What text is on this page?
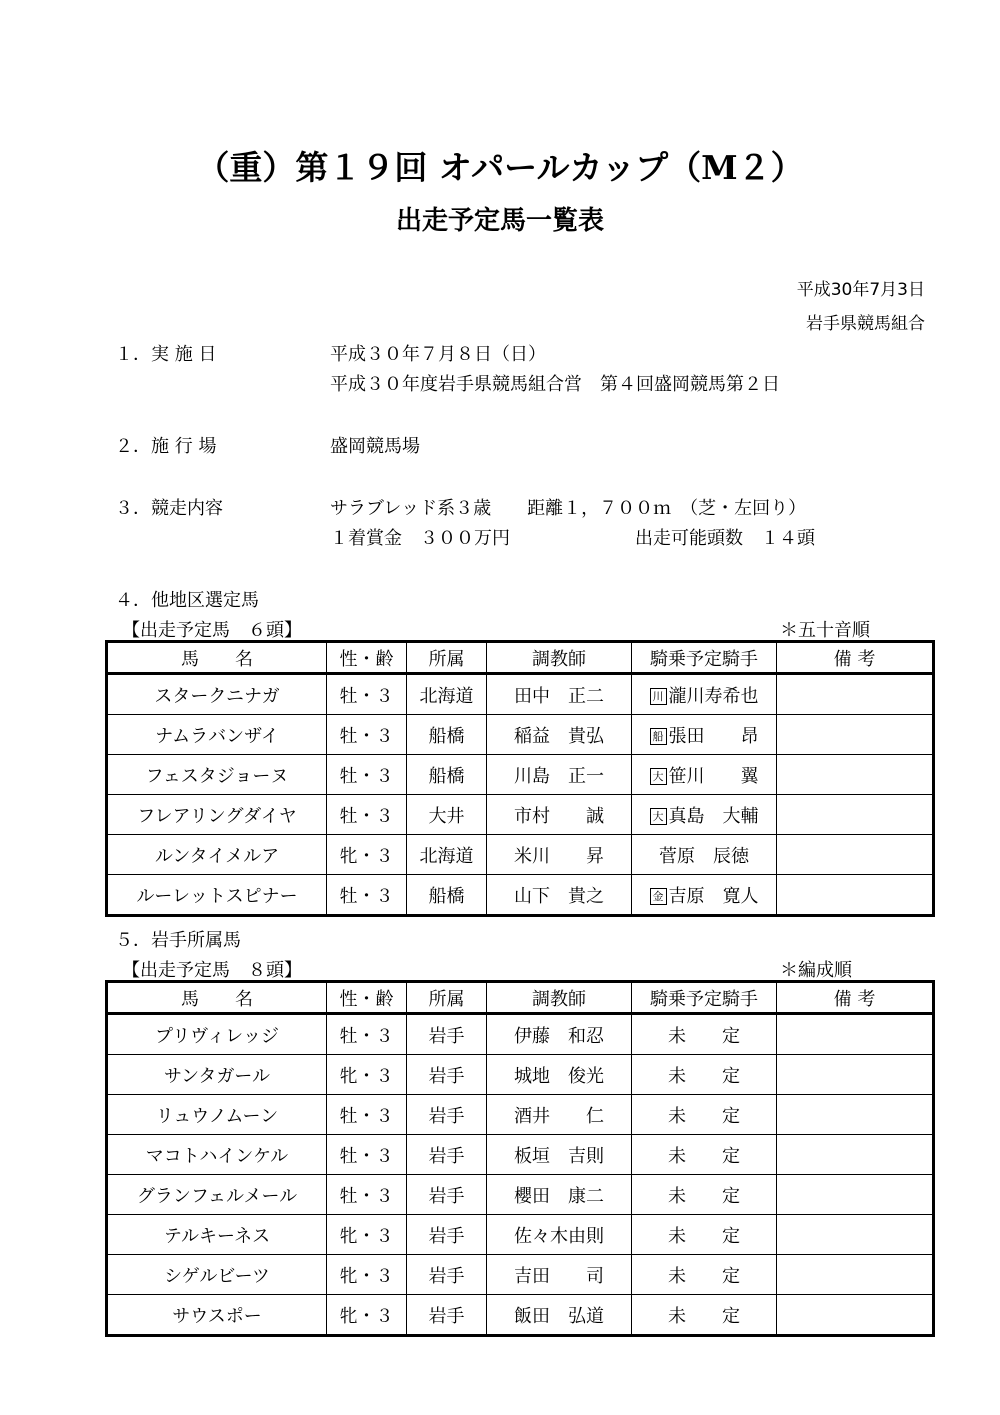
（重）第１９回 オパールカップ（M２）
出走予定馬一覧表
平成30年7月3日
岩手県競馬組合
１．実 施 日	平成３０年７月８日（日）
平成３０年度岩手県競馬組合営　第４回盛岡競馬第２日
２．施 行 場	盛岡競馬場
３．競走内容	サラブレッド系３歳　　距離１，７００ｍ　（芝・左回り）
１着賞金　３００万円	出走可能頭数　１４頭
４．他地区選定馬
【出走予定馬　６頭】	＊五十音順
馬　　名	性・齢	所属	調教師	騎乗予定騎手	備 考
スタークニナガ	牡・３	北海道	田中　正二	川 瀧川寿希也	
ナムラバンザイ	牡・３	船橋	稲益　貴弘	船 張田　　昂	
フェスタジョーヌ	牡・３	船橋	川島　正一	大 笹川　　翼	
フレアリングダイヤ	牡・３	大井	市村　　誠	大 真島　大輔	
ルンタイメルア	牝・３	北海道	米川　　昇	菅原　辰徳	
ルーレットスピナー	牡・３	船橋	山下　貴之	金 吉原　寛人	
５．岩手所属馬
【出走予定馬　８頭】	＊編成順
馬　　名	性・齢	所属	調教師	騎乗予定騎手	備 考
プリヴィレッジ	牡・３	岩手	伊藤　和忍	未　　定	
サンタガール	牝・３	岩手	城地　俊光	未　　定	
リュウノムーン	牡・３	岩手	酒井　　仁	未　　定	
マコトハインケル	牡・３	岩手	板垣　吉則	未　　定	
グランフェルメール	牡・３	岩手	櫻田　康二	未　　定	
テルキーネス	牝・３	岩手	佐々木由則	未　　定	
シゲルビーツ	牝・３	岩手	吉田　　司	未　　定	
サウスポー	牝・３	岩手	飯田　弘道	未　　定	
